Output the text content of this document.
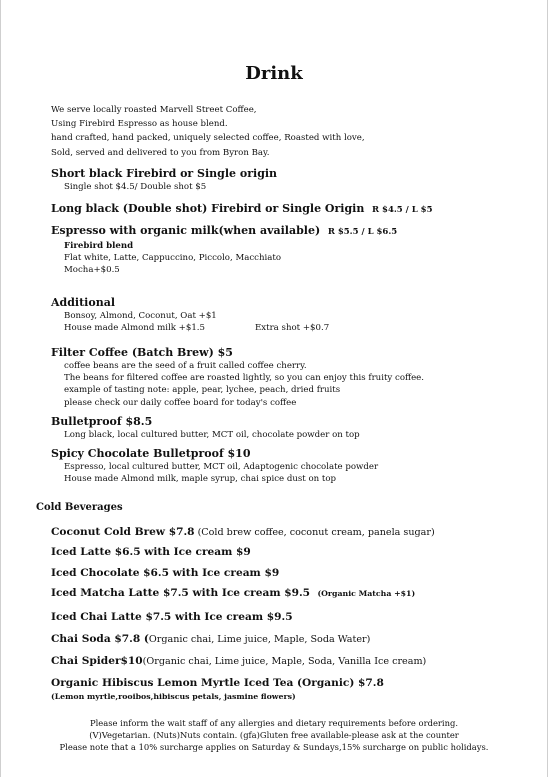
Drink
We serve locally roasted Marvell Street Coffee,
Using Firebird Espresso as house blend.
hand crafted, hand packed, uniquely selected coffee, Roasted with love,
Sold, served and delivered to you from Byron Bay.
Short black Firebird or Single origin
Single shot $4.5/ Double shot $5
Long black (Double shot) Firebird or Single Origin R $4.5 / L $5
Espresso with organic milk(when available) R $5.5 / L $6.5
Firebird blend
Flat white, Latte, Cappuccino, Piccolo, Macchiato
Mocha+$0.5
Additional
Bonsoy, Almond, Coconut, Oat +$1
House made Almond milk +$1.5	Extra shot +$0.7
Filter Coffee (Batch Brew) $5
coffee beans are the seed of a fruit called coffee cherry.
The beans for filtered coffee are roasted lightly, so you can enjoy this fruity coffee.
example of tasting note: apple, pear, lychee, peach, dried fruits
please check our daily coffee board for today's coffee
Bulletproof $8.5
Long black, local cultured butter, MCT oil, chocolate powder on top
Spicy Chocolate Bulletproof $10
Espresso, local cultured butter, MCT oil, Adaptogenic chocolate powder
House made Almond milk, maple syrup, chai spice dust on top
Cold Beverages
Coconut Cold Brew $7.8 (Cold brew coffee, coconut cream, panela sugar)
Iced Latte $6.5 with Ice cream $9
Iced Chocolate $6.5 with Ice cream $9
Iced Matcha Latte $7.5 with Ice cream $9.5 (Organic Matcha +$1)
Iced Chai Latte $7.5 with Ice cream $9.5
Chai Soda $7.8 (Organic chai, Lime juice, Maple, Soda Water)
Chai Spider$10(Organic chai, Lime juice, Maple, Soda, Vanilla Ice cream)
Organic Hibiscus Lemon Myrtle Iced Tea (Organic) $7.8
(Lemon myrtle,rooibos,hibiscus petals, jasmine flowers)
Please inform the wait staff of any allergies and dietary requirements before ordering.
(V)Vegetarian. (Nuts)Nuts contain. (gfa)Gluten free available-please ask at the counter
Please note that a 10% surcharge applies on Saturday & Sundays,15% surcharge on public holidays.
